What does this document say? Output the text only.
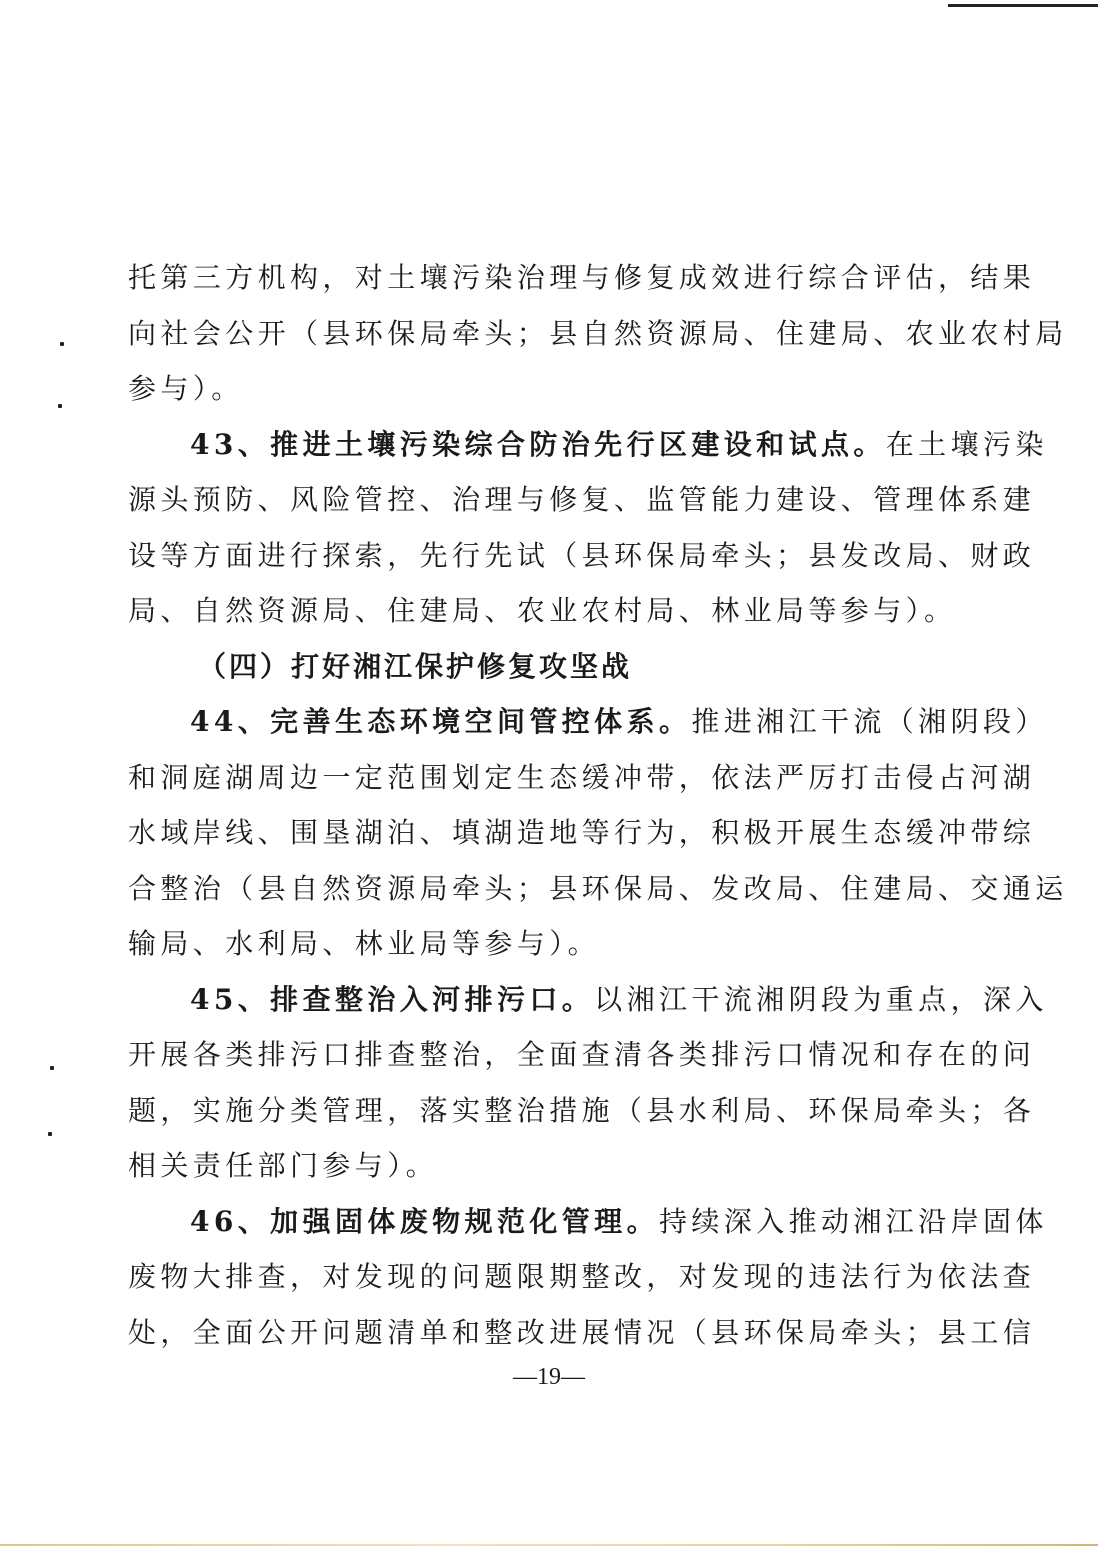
托第三方机构，对土壤污染治理与修复成效进行综合评估，结果
向社会公开（县环保局牵头；县自然资源局、住建局、农业农村局
参与）。
43、推进土壤污染综合防治先行区建设和试点。在土壤污染
源头预防、风险管控、治理与修复、监管能力建设、管理体系建
设等方面进行探索，先行先试（县环保局牵头；县发改局、财政
局、自然资源局、住建局、农业农村局、林业局等参与）。
（四）打好湘江保护修复攻坚战
44、完善生态环境空间管控体系。推进湘江干流（湘阴段）
和洞庭湖周边一定范围划定生态缓冲带，依法严厉打击侵占河湖
水域岸线、围垦湖泊、填湖造地等行为，积极开展生态缓冲带综
合整治（县自然资源局牵头；县环保局、发改局、住建局、交通运
输局、水利局、林业局等参与）。
45、排查整治入河排污口。以湘江干流湘阴段为重点，深入
开展各类排污口排查整治，全面查清各类排污口情况和存在的问
题，实施分类管理，落实整治措施（县水利局、环保局牵头；各
相关责任部门参与）。
46、加强固体废物规范化管理。持续深入推动湘江沿岸固体
废物大排查，对发现的问题限期整改，对发现的违法行为依法查
处，全面公开问题清单和整改进展情况（县环保局牵头；县工信
—19—
